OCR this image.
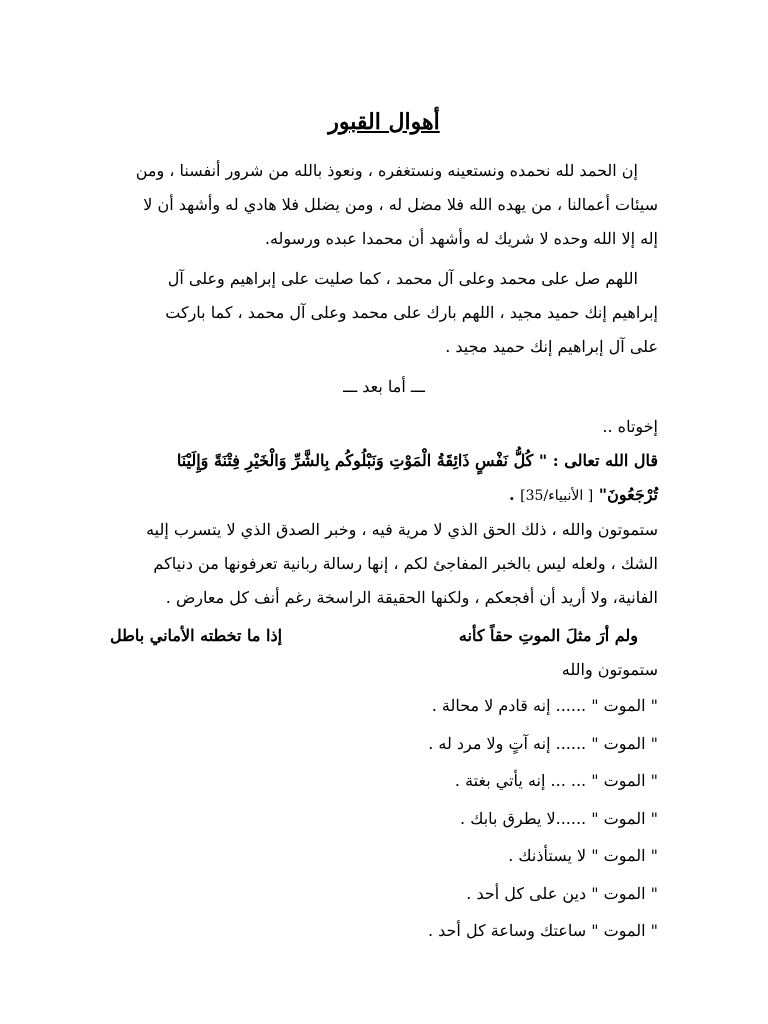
أهوال القبور

إن الحمد لله نحمده ونستعينه ونستغفره ، ونعوذ بالله من شرور أنفسنا ، ومن

سيئات أعمالنا ، من يهده الله فلا مضل له ، ومن يضلل فلا هادي له وأشهد أن لا

إله إلا الله وحده لا شريك له وأشهد أن محمدا عبده ورسوله.

اللهم صل على محمد وعلى آل محمد ، كما صليت على إبراهيم وعلى آل

إبراهيم إنك حميد مجيد ، اللهم بارك على محمد وعلى آل محمد ، كما باركت

على آل إبراهيم إنك حميد مجيد .

ـــ أما بعد ـــ

إخوتاه ..

قال الله تعالى : " كُلُّ نَفْسٍ ذَائِقَةُ الْمَوْتِ وَنَبْلُوكُم بِالشَّرِّ وَالْخَيْرِ فِتْنَةً وَإِلَيْنَا

تُرْجَعُونَ" [ الأنبياء/35] .

ستموتون والله ، ذلك الحق الذي لا مرية فيه ، وخبر الصدق الذي لا يتسرب إليه

الشك ، ولعله ليس بالخبر المفاجئ لكم ، إنها رسالة ربانية تعرفونها من دنياكم

الفانية، ولا أريد أن أفجعكم ، ولكنها الحقيقة الراسخة رغم أنف كل معارض .

ولم أرَ مثلَ الموتِ حقاً كأنه
إذا ما تخطته الأماني باطل

ستموتون والله

" الموت " ...... إنه قادم لا محالة .

" الموت " ...... إنه آتٍ ولا مرد له .

" الموت " ... ... إنه يأتي بغتة .

" الموت " ......لا يطرق بابك .

" الموت " لا يستأذنك .

" الموت " دين على كل أحد .

" الموت " ساعتك وساعة كل أحد .
